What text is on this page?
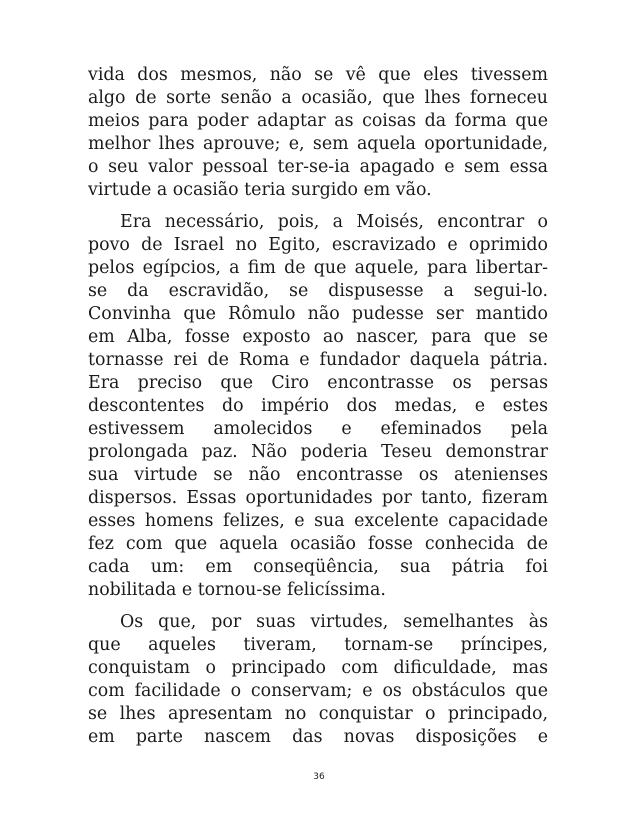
vida dos mesmos, não se vê que eles tivessem
algo de sorte senão a ocasião, que lhes forneceu
meios para poder adaptar as coisas da forma que
melhor lhes aprouve; e, sem aquela oportunidade,
o seu valor pessoal ter-se-ia apagado e sem essa
virtude a ocasião teria surgido em vão.

Era necessário, pois, a Moisés, encontrar o
povo de Israel no Egito, escravizado e oprimido
pelos egípcios, a fim de que aquele, para libertar-
se da escravidão, se dispusesse a segui-lo.
Convinha que Rômulo não pudesse ser mantido
em Alba, fosse exposto ao nascer, para que se
tornasse rei de Roma e fundador daquela pátria.
Era preciso que Ciro encontrasse os persas
descontentes do império dos medas, e estes
estivessem amolecidos e efeminados pela
prolongada paz. Não poderia Teseu demonstrar
sua virtude se não encontrasse os atenienses
dispersos. Essas oportunidades por tanto, fizeram
esses homens felizes, e sua excelente capacidade
fez com que aquela ocasião fosse conhecida de
cada um: em conseqüência, sua pátria foi
nobilitada e tornou-se felicíssima.

Os que, por suas virtudes, semelhantes às
que aqueles tiveram, tornam-se príncipes,
conquistam o principado com dificuldade, mas
com facilidade o conservam; e os obstáculos que
se lhes apresentam no conquistar o principado,
em parte nascem das novas disposições e

36
